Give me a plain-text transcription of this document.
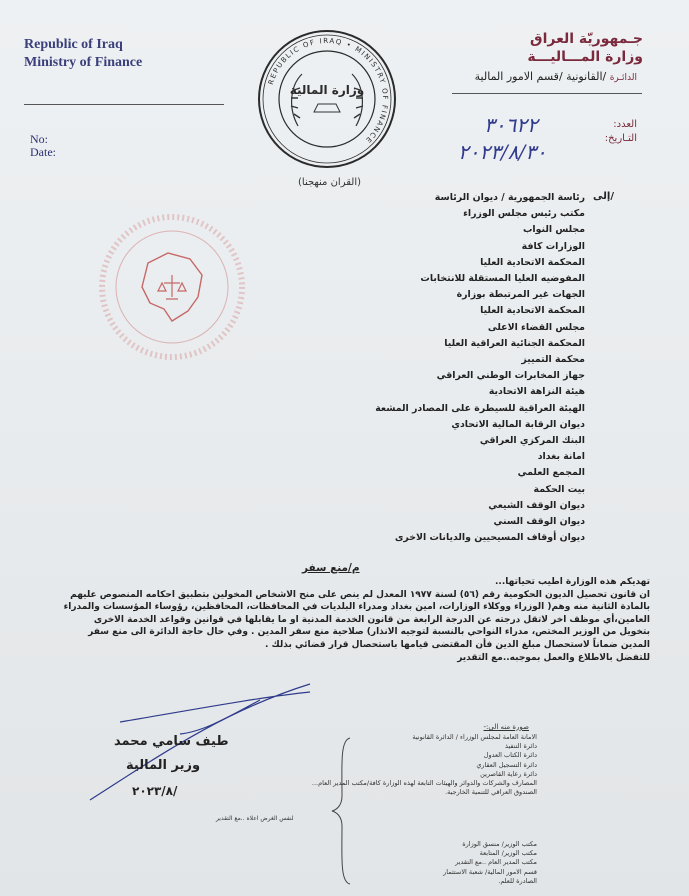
Republic of Iraq
Ministry of Finance
No:
Date:
جـمهوريّة العراق
وزارة المـــاليـــة
الدائـرة /القانونية /قسم الامور المالية
العدد:
التـاريخ:
٣٠٦٢٢
٢٠٢٣/٨/٣٠
REPUBLIC OF IRAQ • MINISTRY OF FINANCE
وزارة المالية
(القران منهجنا)
إلى/
رئاسة الجمهورية / ديوان الرئاسة
مكتب رئيس مجلس الوزراء
مجلس النواب
الوزارات كافة
المحكمة الاتحادية العليا
المفوضيه العليا المستقلة للانتخابات
الجهات غير المرتبطة بوزارة
المحكمة الاتحادية العليا
مجلس القضاء الاعلى
المحكمة الجنائية العراقية العليا
محكمة التمييز
جهاز المخابرات الوطني العراقي
هيئة النزاهة الاتحادية
الهيئة العراقية للسيطرة على المصادر المشعة
ديوان الرقابة المالية الاتحادي
البنك المركزي العراقي
امانة بغداد
المجمع العلمي
بيت الحكمة
ديوان الوقف الشيعي
ديوان الوقف السني
ديوان أوقاف المسيحيين والديانات الاخرى
م/منع سفر

تهديكم هذه الوزارة اطيب تحياتها...

ان قانون تحصيل الديون الحكومية رقم (٥٦) لسنة ١٩٧٧ المعدل لم ينص على منح الاشخاص المخولين بتطبيق احكامه المنصوص عليهم بالمادة الثانية منه وهم( الوزراء ووكلاء الوزارات، امين بغداد ومدراء البلديات في المحافظات، المحافظين، رؤوساء المؤسسات والمدراء العامين،أي موظف اخر لاتقل درجته عن الدرجة الرابعة من قانون الخدمة المدنية او ما يقابلها في قوانين وقواعد الخدمة الاخرى بتخويل من الوزير المختص، مدراء النواحي بالنسبة لتوجيه الانذار) صلاحية منع سفر المدين . وفي حال حاجة الدائرة الى منع سفر المدين ضماناً لاستحصال مبلغ الدين فأن المقتضى قيامها باستحصال قرار قضائي بذلك .

للتفضل بالاطلاع والعمل بموجبه..مع التقدير

طيف سامي محمد
وزير المالية
٢٠٢٣/٨/
لنفس الغرض اعلاه ..مع التقدير
صورة منه الى:-
الامانة العامة لمجلس الوزراء / الدائرة القانونية
دائرة التنفيذ
دائرة الكتاب العدول
دائرة التسجيل العقاري
دائرة رعاية القاصرين
المصارف والشركات والدوائر والهيئات التابعة لهذه الوزارة كافة/مكتب المدير العام...
الصندوق العراقي للتنمية الخارجية.
مكتب الوزير/ منسق الوزارة
مكتب الوزير/ المتابعة
مكتب المدير العام ..مع التقدير
قسم الامور المالية/ شعبة الاستثمار
الصادرة للعلم.
